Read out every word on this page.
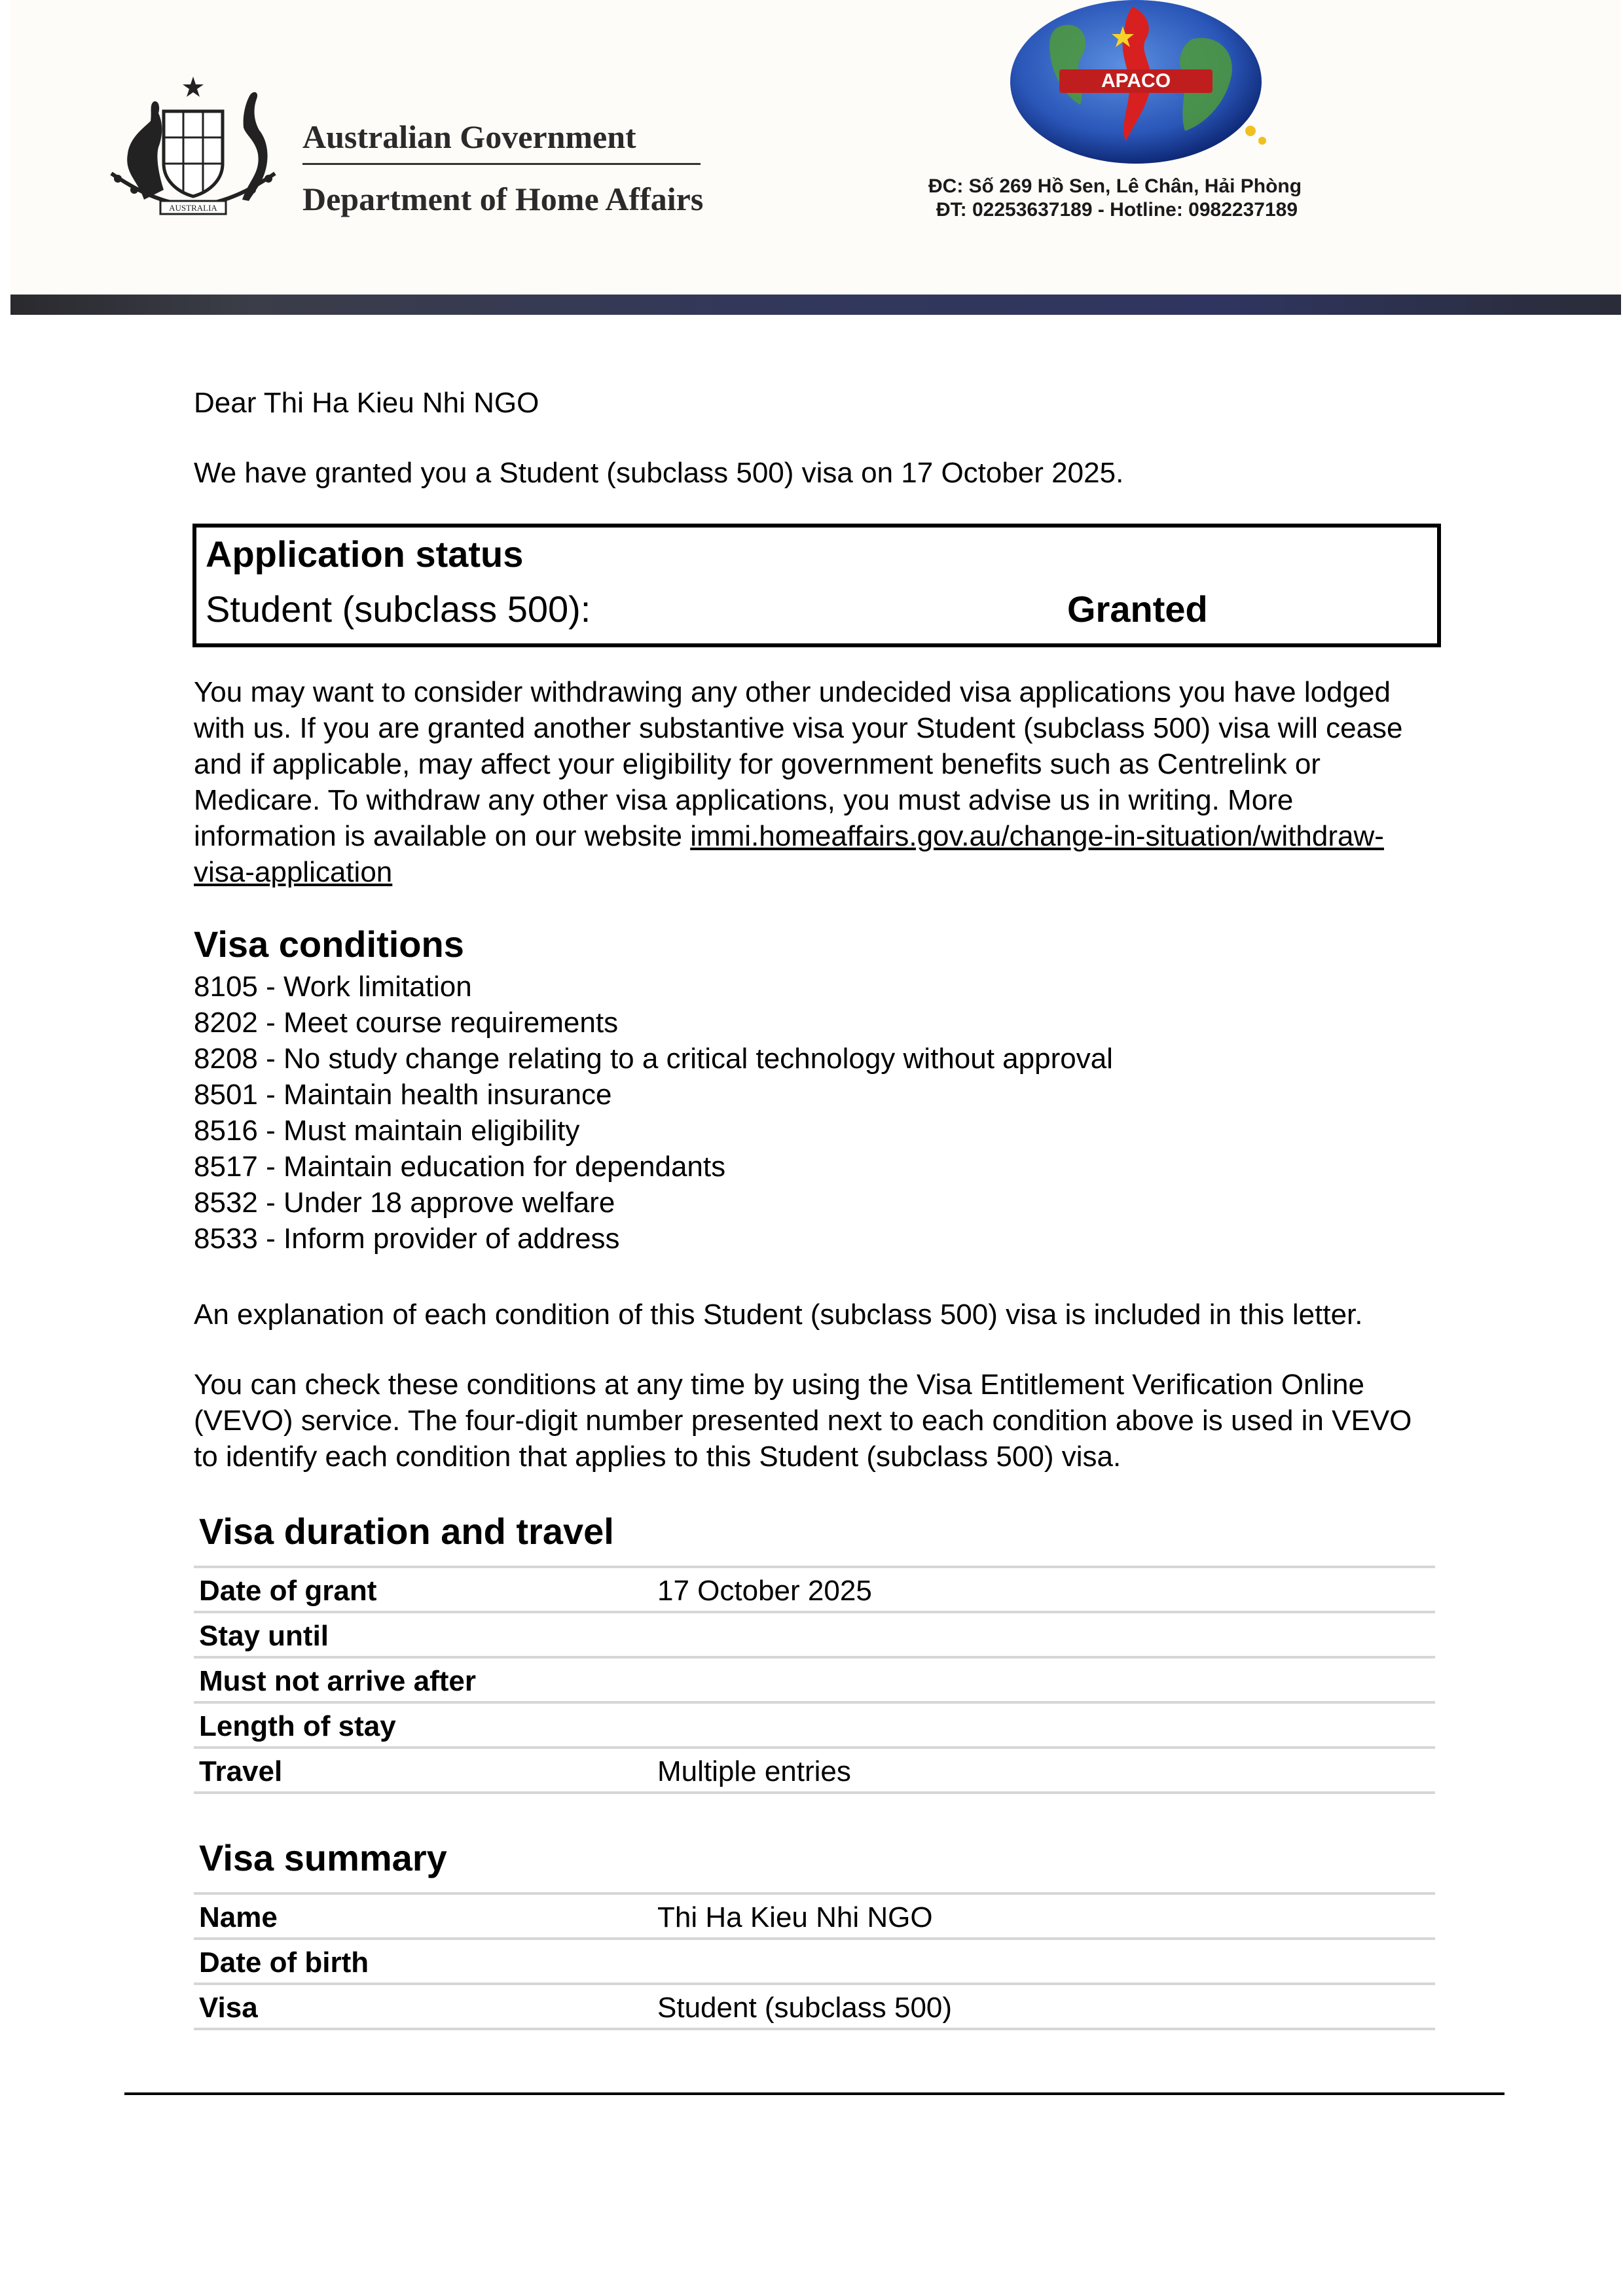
AUSTRALIA
Australian Government
Department of Home Affairs
APACO
ĐC: Số 269 Hồ Sen, Lê Chân, Hải Phòng
ĐT: 02253637189 - Hotline: 0982237189
Dear Thi Ha Kieu Nhi NGO
We have granted you a Student (subclass 500) visa on 17 October 2025.
Application status
Student (subclass 500):	Granted
You may want to consider withdrawing any other undecided visa applications you have lodged with us. If you are granted another substantive visa your Student (subclass 500) visa will cease and if applicable, may affect your eligibility for government benefits such as Centrelink or Medicare. To withdraw any other visa applications, you must advise us in writing. More information is available on our website immi.homeaffairs.gov.au/change-in-situation/withdraw-visa-application
Visa conditions
8105 - Work limitation
8202 - Meet course requirements
8208 - No study change relating to a critical technology without approval
8501 - Maintain health insurance
8516 - Must maintain eligibility
8517 - Maintain education for dependants
8532 - Under 18 approve welfare
8533 - Inform provider of address
An explanation of each condition of this Student (subclass 500) visa is included in this letter.
You can check these conditions at any time by using the Visa Entitlement Verification Online (VEVO) service. The four-digit number presented next to each condition above is used in VEVO to identify each condition that applies to this Student (subclass 500) visa.
Visa duration and travel
Date of grant	17 October 2025
Stay until
Must not arrive after
Length of stay
Travel	Multiple entries
Visa summary
Name	Thi Ha Kieu Nhi NGO
Date of birth
Visa	Student (subclass 500)
